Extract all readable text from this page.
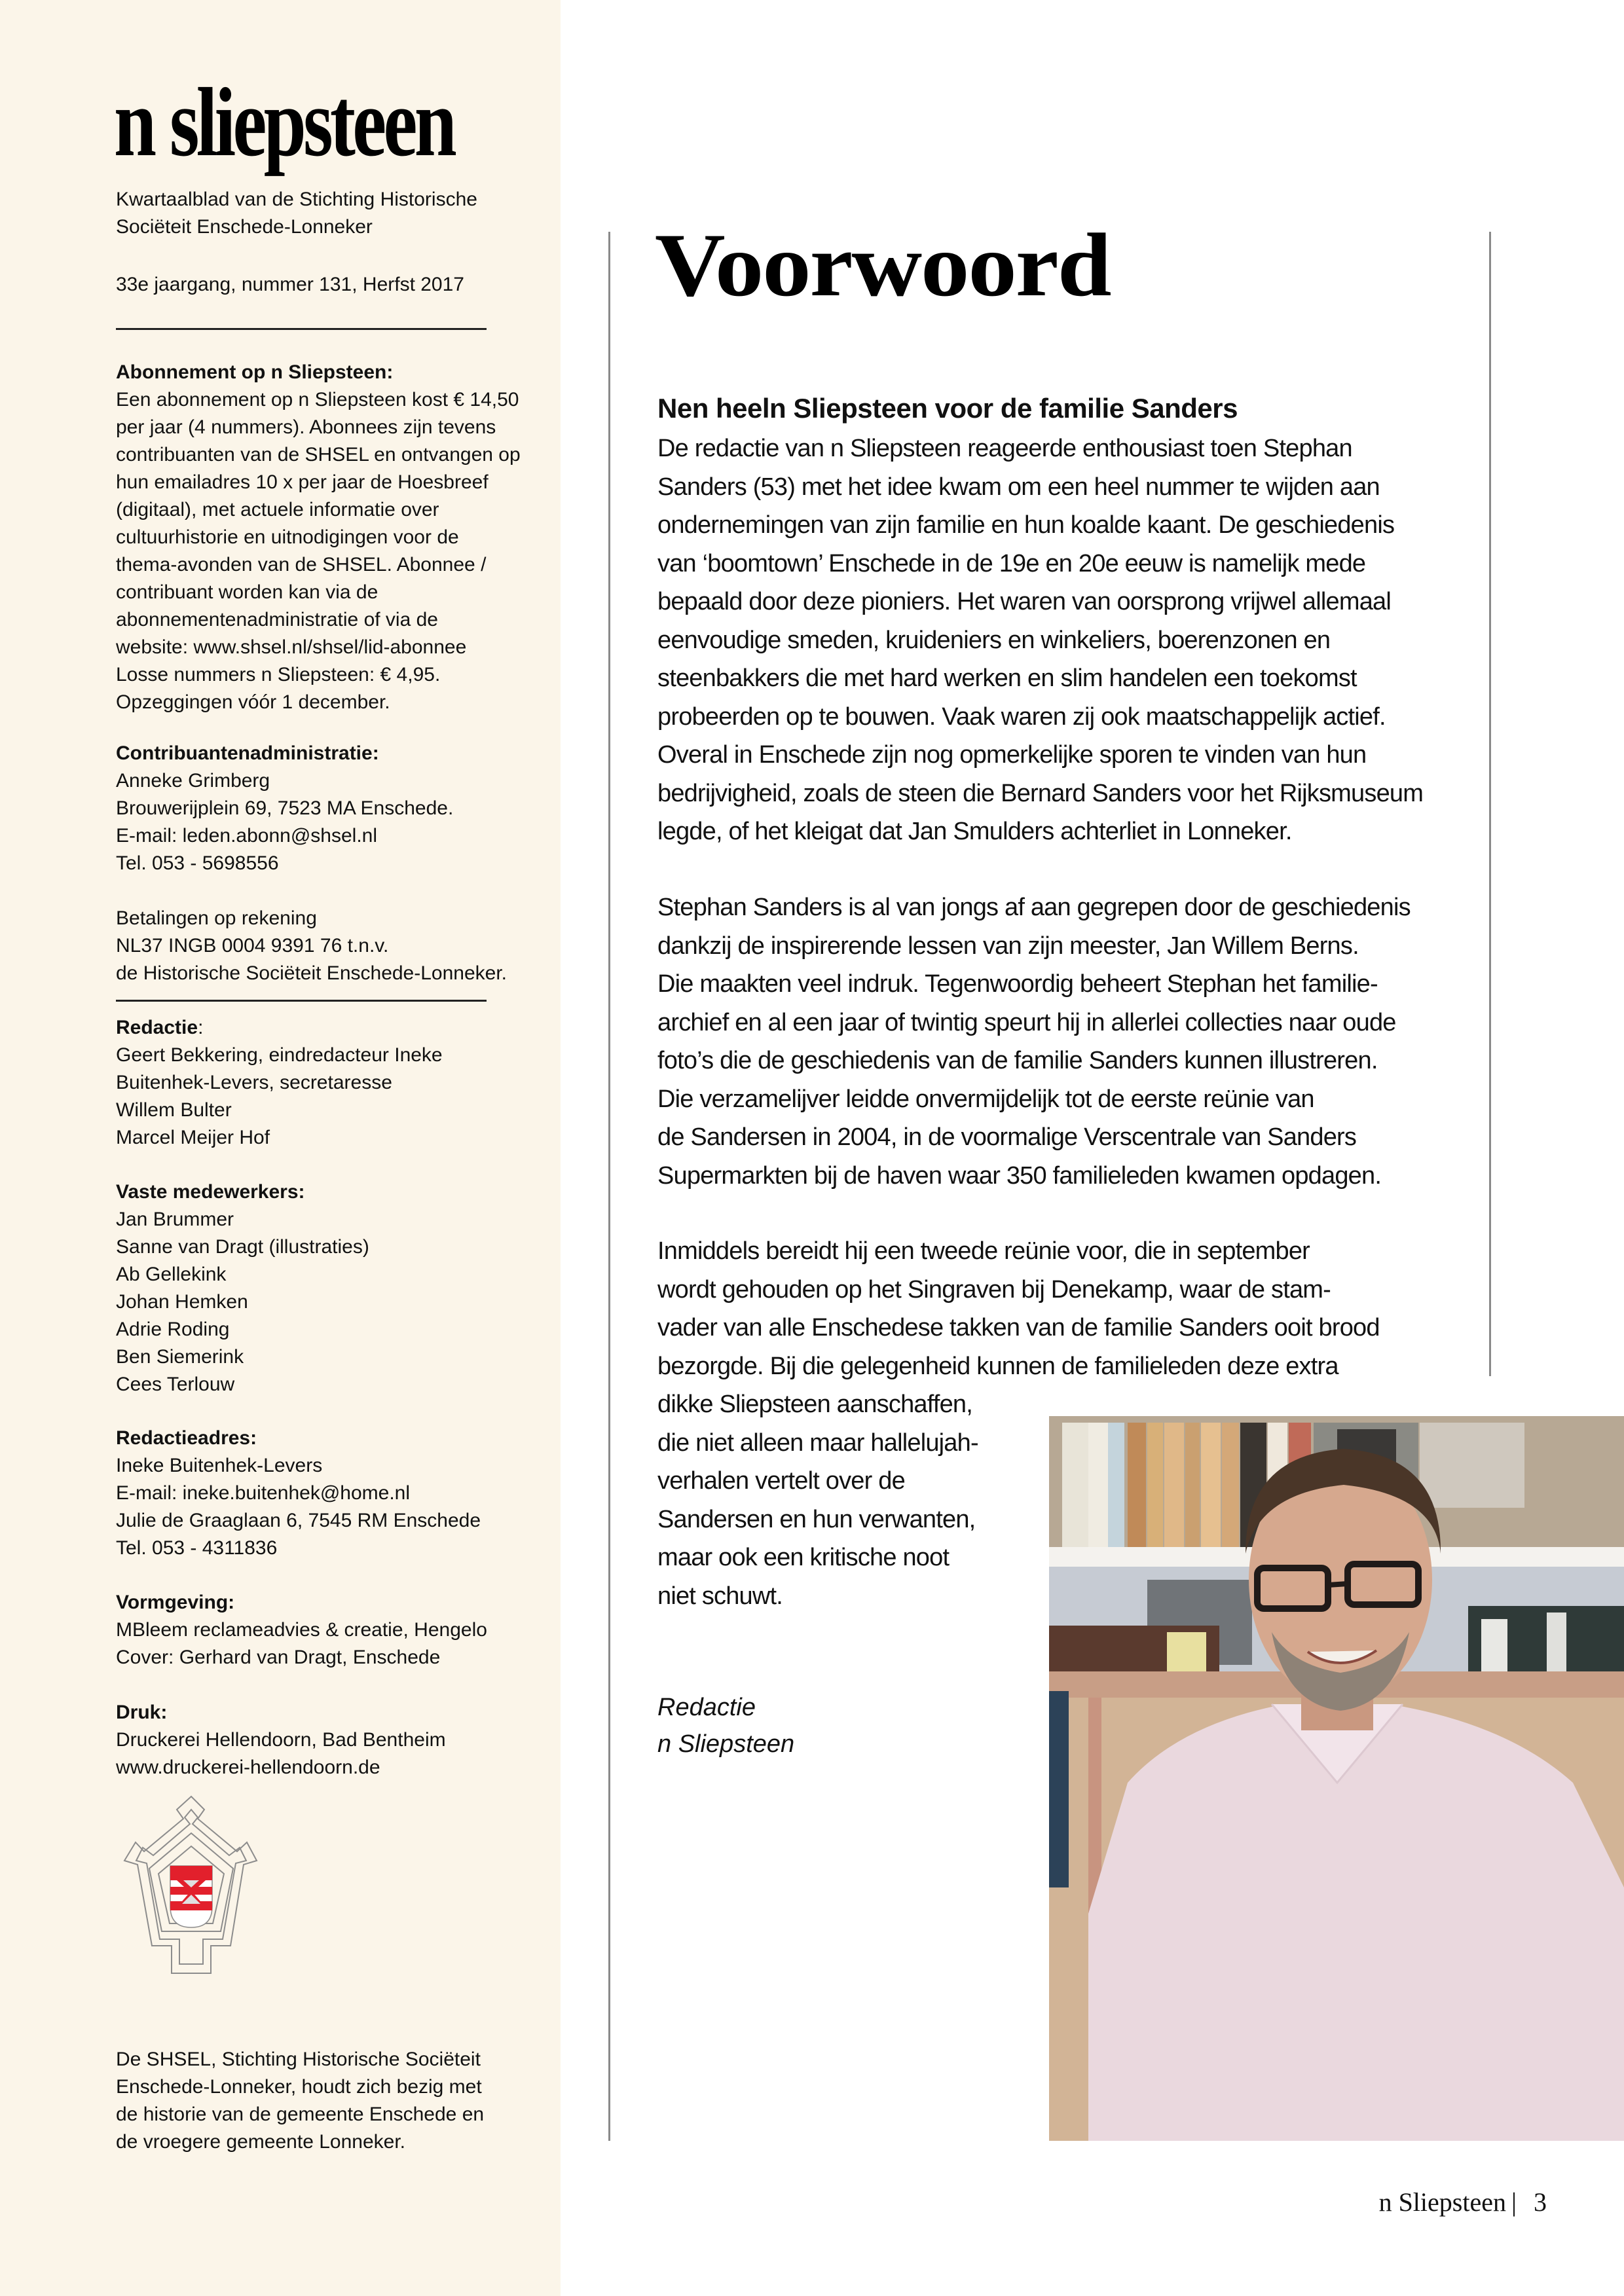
n sliepsteen
Kwartaalblad van de Stichting Historische
Sociëteit Enschede-Lonneker
33e jaargang, nummer 131, Herfst 2017
Abonnement op n Sliepsteen:
Een abonnement op n Sliepsteen kost € 14,50
per jaar (4 nummers). Abonnees zijn tevens
contribuanten van de SHSEL en ontvangen op
hun emailadres 10 x per jaar de Hoesbreef
(digitaal), met actuele informatie over
cultuurhistorie en uitnodigingen voor de
thema-avonden van de SHSEL. Abonnee /
contribuant worden kan via de
abonnementenadministratie of via de
website: www.shsel.nl/shsel/lid-abonnee
Losse nummers n Sliepsteen: € 4,95.
Opzeggingen vóór 1 december.
Contribuantenadministratie:
Anneke Grimberg
Brouwerijplein 69, 7523 MA Enschede.
E-mail: leden.abonn@shsel.nl
Tel. 053 - 5698556
Betalingen op rekening
NL37 INGB 0004 9391 76 t.n.v.
de Historische Sociëteit Enschede-Lonneker.
Redactie:
Geert Bekkering, eindredacteur Ineke
Buitenhek-Levers, secretaresse
Willem Bulter
Marcel Meijer Hof
Vaste medewerkers:
Jan Brummer
Sanne van Dragt (illustraties)
Ab Gellekink
Johan Hemken
Adrie Roding
Ben Siemerink
Cees Terlouw
Redactieadres:
Ineke Buitenhek-Levers
E-mail: ineke.buitenhek@home.nl
Julie de Graaglaan 6, 7545 RM Enschede
Tel. 053 - 4311836
Vormgeving:
MBleem reclameadvies & creatie, Hengelo
Cover: Gerhard van Dragt, Enschede
Druk:
Druckerei Hellendoorn, Bad Bentheim
www.druckerei-hellendoorn.de
De SHSEL, Stichting Historische Sociëteit
Enschede-Lonneker, houdt zich bezig met
de historie van de gemeente Enschede en
de vroegere gemeente Lonneker.
Voorwoord
Nen heeln Sliepsteen voor de familie Sanders
De redactie van n Sliepsteen reageerde enthousiast toen Stephan
Sanders (53) met het idee kwam om een heel nummer te wijden aan
ondernemingen van zijn familie en hun koalde kaant. De geschiedenis
van ‘boomtown’ Enschede in de 19e en 20e eeuw is namelijk mede
bepaald door deze pioniers. Het waren van oorsprong vrijwel allemaal
eenvoudige smeden, kruideniers en winkeliers, boerenzonen en
steenbakkers die met hard werken en slim handelen een toekomst
probeerden op te bouwen. Vaak waren zij ook maatschappelijk actief.
Overal in Enschede zijn nog opmerkelijke sporen te vinden van hun
bedrijvigheid, zoals de steen die Bernard Sanders voor het Rijksmuseum
legde, of het kleigat dat Jan Smulders achterliet in Lonneker.
Stephan Sanders is al van jongs af aan gegrepen door de geschiedenis
dankzij de inspirerende lessen van zijn meester, Jan Willem Berns.
Die maakten veel indruk. Tegenwoordig beheert Stephan het familie-
archief en al een jaar of twintig speurt hij in allerlei collecties naar oude
foto’s die de geschiedenis van de familie Sanders kunnen illustreren.
Die verzamelijver leidde onvermijdelijk tot de eerste reünie van
de Sandersen in 2004, in de voormalige Verscentrale van Sanders
Supermarkten bij de haven waar 350 familieleden kwamen opdagen.
Inmiddels bereidt hij een tweede reünie voor, die in september
wordt gehouden op het Singraven bij Denekamp, waar de stam-
vader van alle Enschedese takken van de familie Sanders ooit brood
bezorgde. Bij die gelegenheid kunnen de familieleden deze extra
dikke Sliepsteen aanschaffen,
die niet alleen maar hallelujah-
verhalen vertelt over de
Sandersen en hun verwanten,
maar ook een kritische noot
niet schuwt.
Redactie
n Sliepsteen
n Sliepsteen | 3
